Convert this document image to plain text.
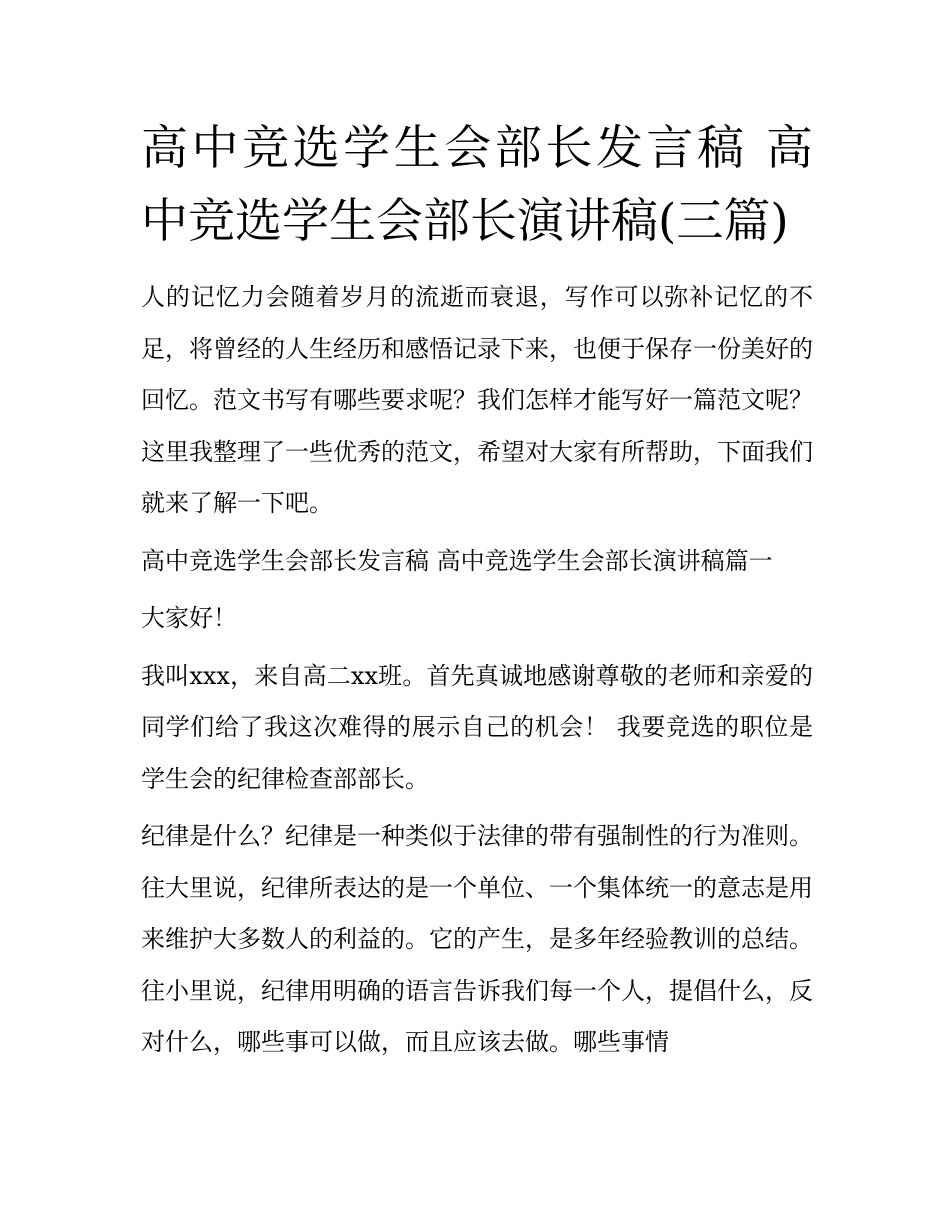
高中竞选学生会部长发言稿 高中竞选学生会部长演讲稿(三篇)

人的记忆力会随着岁月的流逝而衰退，写作可以弥补记忆的不足，将曾经的人生经历和感悟记录下来，也便于保存一份美好的回忆。范文书写有哪些要求呢？我们怎样才能写好一篇范文呢？这里我整理了一些优秀的范文，希望对大家有所帮助，下面我们就来了解一下吧。

高中竞选学生会部长发言稿 高中竞选学生会部长演讲稿篇一

大家好！

我叫xxx，来自高二xx班。首先真诚地感谢尊敬的老师和亲爱的同学们给了我这次难得的展示自己的机会！ 我要竞选的职位是学生会的纪律检查部部长。

纪律是什么？纪律是一种类似于法律的带有强制性的行为准则。往大里说，纪律所表达的是一个单位、一个集体统一的意志是用来维护大多数人的利益的。它的产生，是多年经验教训的总结。往小里说，纪律用明确的语言告诉我们每一个人，提倡什么，反对什么，哪些事可以做，而且应该去做。哪些事情
